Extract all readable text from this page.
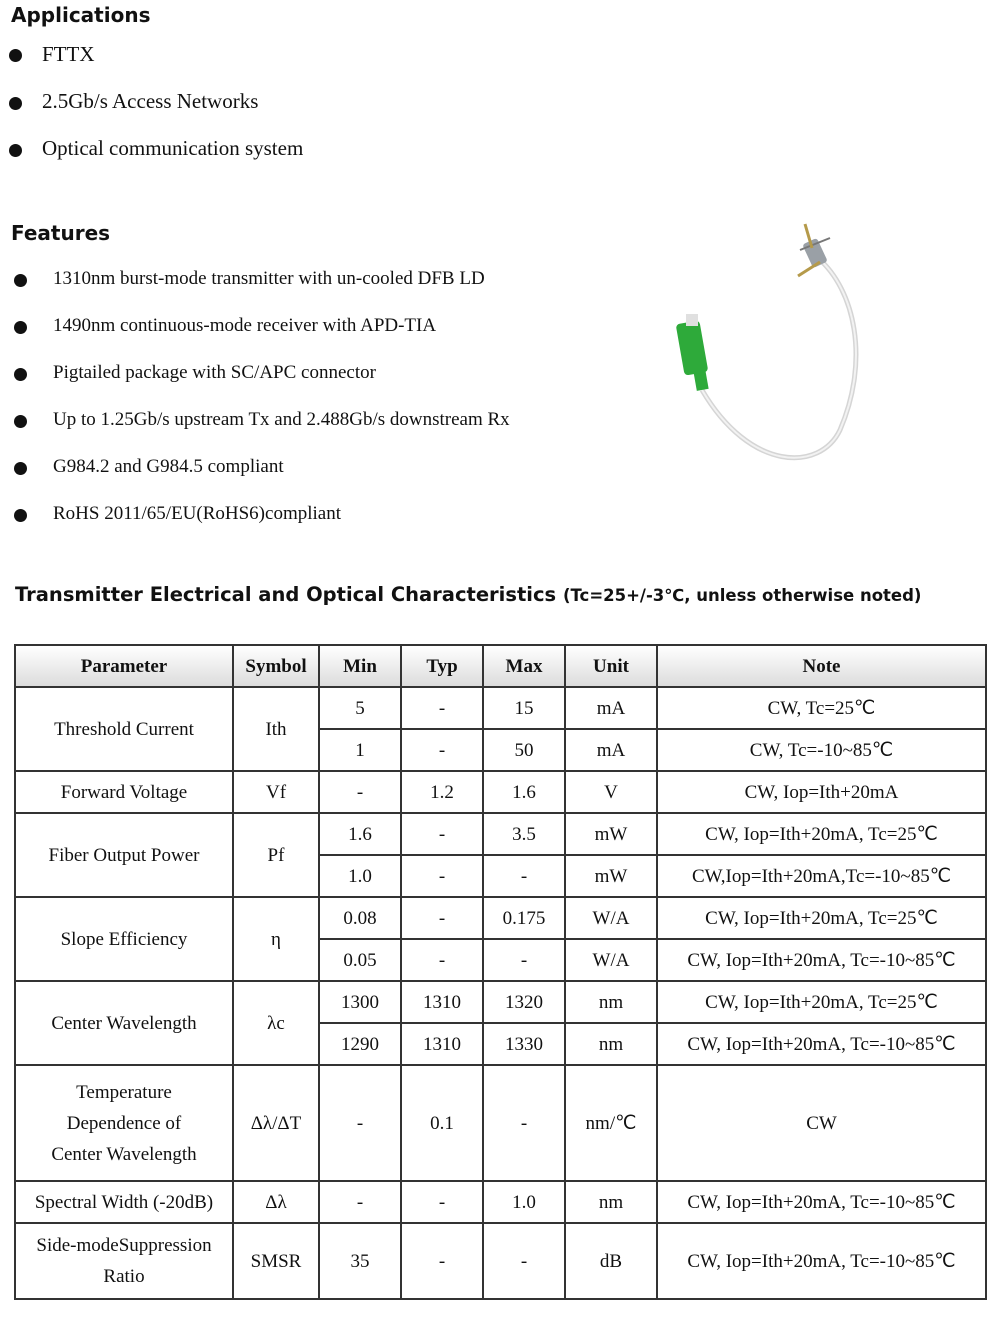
Applications
FTTX
2.5Gb/s Access Networks
Optical communication system
Features
1310nm burst-mode transmitter with un-cooled DFB LD
1490nm continuous-mode receiver with APD-TIA
Pigtailed package with SC/APC connector
Up to 1.25Gb/s upstream Tx and 2.488Gb/s downstream Rx
G984.2 and G984.5 compliant
RoHS 2011/65/EU(RoHS6)compliant
Transmitter Electrical and Optical Characteristics (Tc=25+/-3℃, unless otherwise noted)
Parameter	Symbol	Min	Typ	Max	Unit	Note
Threshold Current	Ith	5	-	15	mA	CW, Tc=25℃
		1	-	50	mA	CW, Tc=-10~85℃
Forward Voltage	Vf	-	1.2	1.6	V	CW, Iop=Ith+20mA
Fiber Output Power	Pf	1.6	-	3.5	mW	CW, Iop=Ith+20mA, Tc=25℃
		1.0	-	-	mW	CW,Iop=Ith+20mA,Tc=-10~85℃
Slope Efficiency	η	0.08	-	0.175	W/A	CW, Iop=Ith+20mA, Tc=25℃
		0.05	-	-	W/A	CW, Iop=Ith+20mA, Tc=-10~85℃
Center Wavelength	λc	1300	1310	1320	nm	CW, Iop=Ith+20mA, Tc=25℃
		1290	1310	1330	nm	CW, Iop=Ith+20mA, Tc=-10~85℃
Temperature
Dependence of
Center Wavelength	Δλ/ΔT	-	0.1	-	nm/℃	CW
Spectral Width (-20dB)	Δλ	-	-	1.0	nm	CW, Iop=Ith+20mA, Tc=-10~85℃
Side-modeSuppression
Ratio	SMSR	35	-	-	dB	CW, Iop=Ith+20mA, Tc=-10~85℃
